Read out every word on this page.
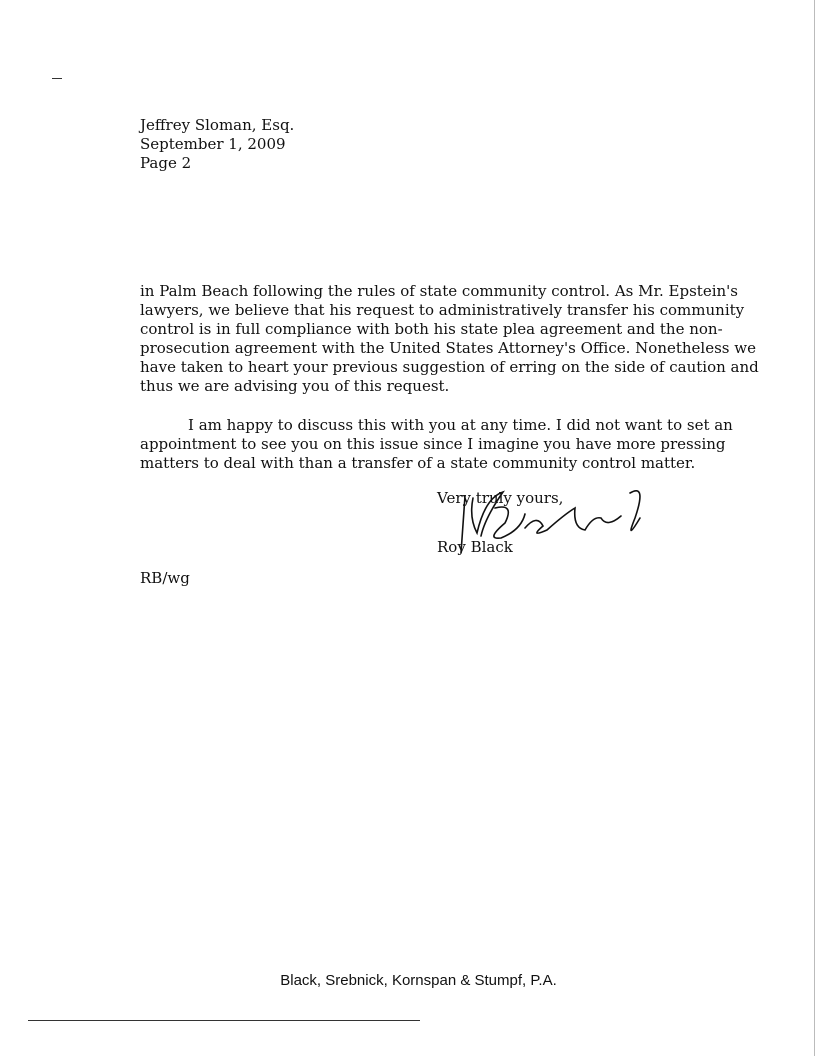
Jeffrey Sloman, Esq.
September 1, 2009
Page 2
in Palm Beach following the rules of state community control. As Mr. Epstein's
lawyers, we believe that his request to administratively transfer his community
control is in full compliance with both his state plea agreement and the non-
prosecution agreement with the United States Attorney's Office. Nonetheless we
have taken to heart your previous suggestion of erring on the side of caution and
thus we are advising you of this request.
I am happy to discuss this with you at any time. I did not want to set an
appointment to see you on this issue since I imagine you have more pressing
matters to deal with than a transfer of a state community control matter.
Very truly yours,
Roy Black
RB/wg
Black, Srebnick, Kornspan & Stumpf, P.A.
